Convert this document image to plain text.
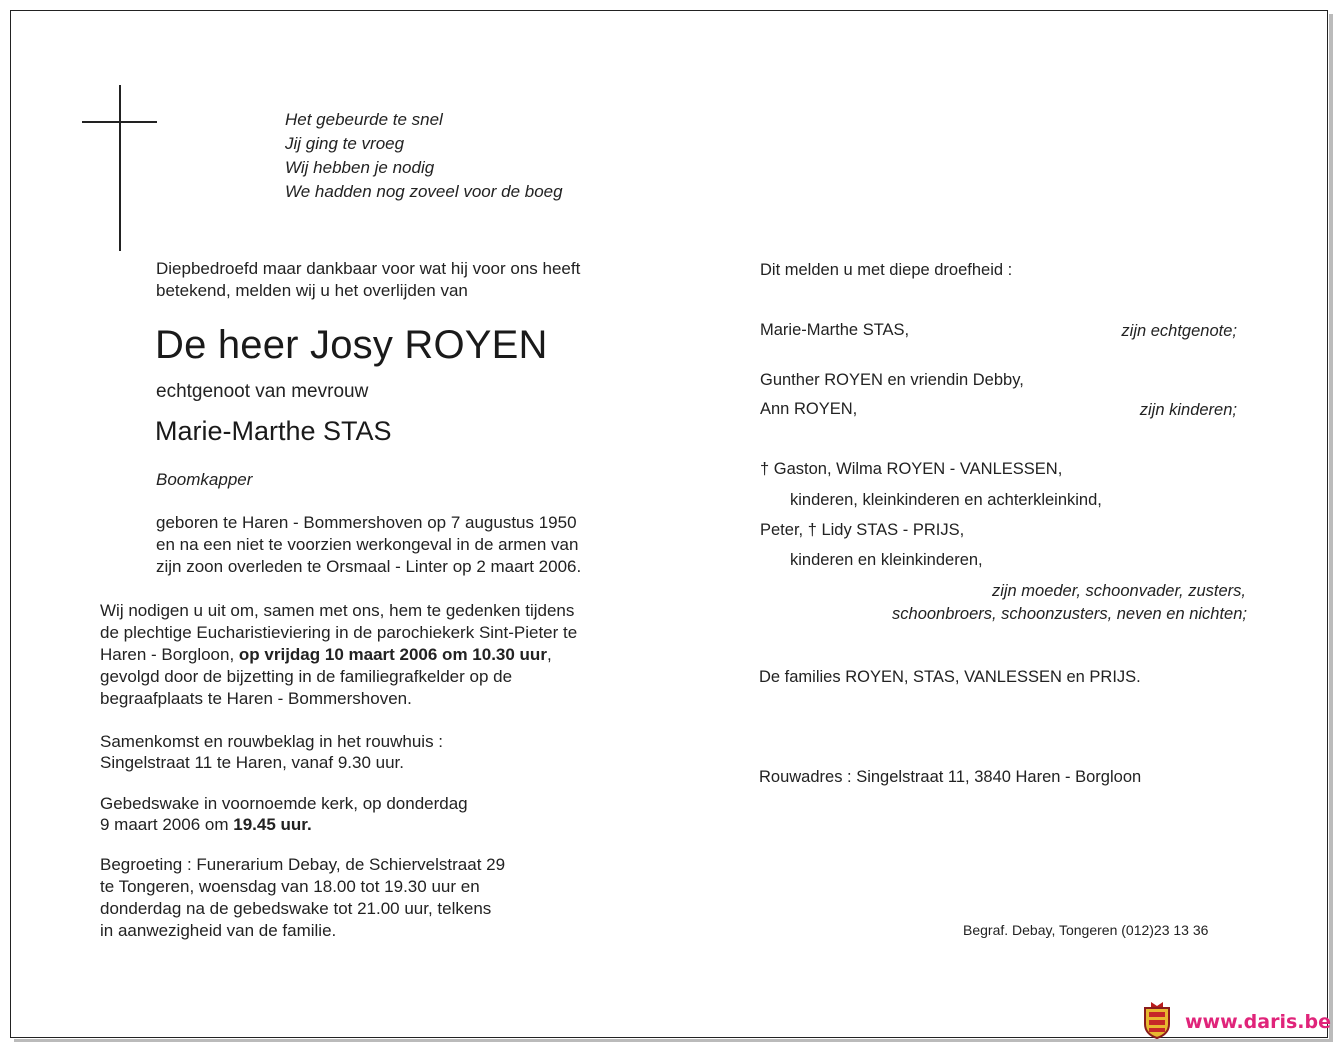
Het gebeurde te snel
Jij ging te vroeg
Wij hebben je nodig
We hadden nog zoveel voor de boeg
Diepbedroefd maar dankbaar voor wat hij voor ons heeft
betekend, melden wij u het overlijden van
De heer Josy ROYEN
echtgenoot van mevrouw
Marie-Marthe STAS
Boomkapper
geboren te Haren - Bommershoven op 7 augustus 1950
en na een niet te voorzien werkongeval in de armen van
zijn zoon overleden te Orsmaal - Linter op 2 maart 2006.
Wij nodigen u uit om, samen met ons, hem te gedenken tijdens
de plechtige Eucharistieviering in de parochiekerk Sint-Pieter te
Haren - Borgloon, op vrijdag 10 maart 2006 om 10.30 uur,
gevolgd door de bijzetting in de familiegrafkelder op de
begraafplaats te Haren - Bommershoven.
Samenkomst en rouwbeklag in het rouwhuis :
Singelstraat 11 te Haren, vanaf 9.30 uur.
Gebedswake in voornoemde kerk, op donderdag
9 maart 2006 om 19.45 uur.
Begroeting : Funerarium Debay, de Schiervelstraat 29
te Tongeren, woensdag van 18.00 tot 19.30 uur en
donderdag na de gebedswake tot 21.00 uur, telkens
in aanwezigheid van de familie.
Dit melden u met diepe droefheid :
Marie-Marthe STAS,	zijn echtgenote;
Gunther ROYEN en vriendin Debby,
Ann ROYEN,	zijn kinderen;
† Gaston, Wilma ROYEN - VANLESSEN,
kinderen, kleinkinderen en achterkleinkind,
Peter, † Lidy STAS - PRIJS,
kinderen en kleinkinderen,
zijn moeder, schoonvader, zusters,
schoonbroers, schoonzusters, neven en nichten;
De families ROYEN, STAS, VANLESSEN en PRIJS.
Rouwadres : Singelstraat 11, 3840 Haren - Borgloon
Begraf. Debay, Tongeren (012)23 13 36
www.daris.be
